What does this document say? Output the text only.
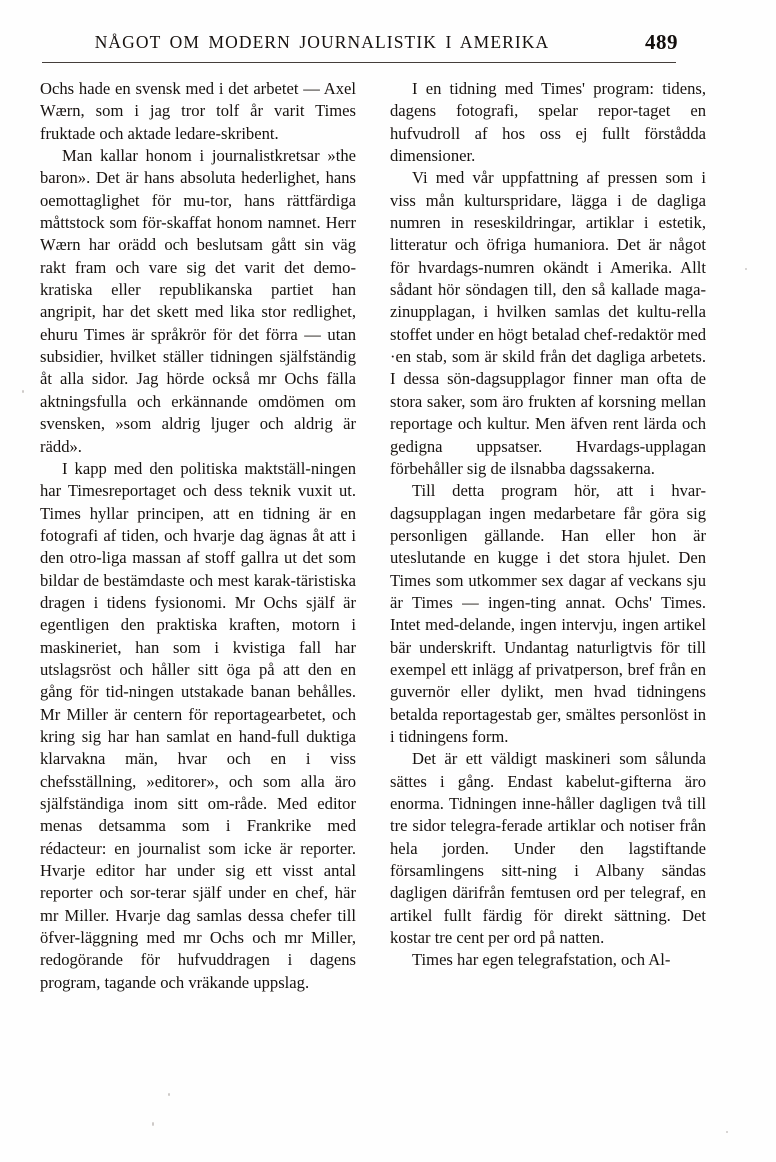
NÅGOT OM MODERN JOURNALISTIK I AMERIKA	489

Ochs hade en svensk med i det arbetet — Axel Wærn, som i jag tror tolf år varit Times fruktade och aktade ledare-skribent.

Man kallar honom i journalistkretsar »the baron». Det är hans absoluta hederlighet, hans oemottaglighet för mu-tor, hans rättfärdiga måttstock som för-skaffat honom namnet. Herr Wærn har orädd och beslutsam gått sin väg rakt fram och vare sig det varit det demo-kratiska eller republikanska partiet han angripit, har det skett med lika stor redlighet, ehuru Times är språkrör för det förra — utan subsidier, hvilket ställer tidningen själfständig åt alla sidor. Jag hörde också mr Ochs fälla aktningsfulla och erkännande omdömen om svensken, »som aldrig ljuger och aldrig är rädd».

I kapp med den politiska maktställ-ningen har Timesreportaget och dess teknik vuxit ut. Times hyllar principen, att en tidning är en fotografi af tiden, och hvarje dag ägnas åt att i den otro-liga massan af stoff gallra ut det som bildar de bestämdaste och mest karak-täristiska dragen i tidens fysionomi. Mr Ochs själf är egentligen den praktiska kraften, motorn i maskineriet, han som i kvistiga fall har utslagsröst och håller sitt öga på att den en gång för tid-ningen utstakade banan behålles. Mr Miller är centern för reportagearbetet, och kring sig har han samlat en hand-full duktiga klarvakna män, hvar och en i viss chefsställning, »editorer», och som alla äro själfständiga inom sitt om-råde. Med editor menas detsamma som i Frankrike med rédacteur: en journalist som icke är reporter. Hvarje editor har under sig ett visst antal reporter och sor-terar själf under en chef, här mr Miller. Hvarje dag samlas dessa chefer till öfver-läggning med mr Ochs och mr Miller, redogörande för hufvuddragen i dagens program, tagande och vräkande uppslag.

I en tidning med Times' program: tidens, dagens fotografi, spelar repor-taget en hufvudroll af hos oss ej fullt förstådda dimensioner.

Vi med vår uppfattning af pressen som i viss mån kulturspridare, lägga i de dagliga numren in reseskildringar, artiklar i estetik, litteratur och öfriga humaniora. Det är något för hvardags-numren okändt i Amerika. Allt sådant hör söndagen till, den så kallade maga-zinupplagan, i hvilken samlas det kultu-rella stoffet under en högt betalad chef-redaktör med ·en stab, som är skild från det dagliga arbetets. I dessa sön-dagsupplagor finner man ofta de stora saker, som äro frukten af korsning mellan reportage och kultur. Men äfven rent lärda och gedigna uppsatser. Hvardags-upplagan förbehåller sig de ilsnabba dagssakerna.

Till detta program hör, att i hvar-dagsupplagan ingen medarbetare får göra sig personligen gällande. Han eller hon är uteslutande en kugge i det stora hjulet. Den Times som utkommer sex dagar af veckans sju är Times — ingen-ting annat. Ochs' Times. Intet med-delande, ingen intervju, ingen artikel bär underskrift. Undantag naturligtvis för till exempel ett inlägg af privatperson, bref från en guvernör eller dylikt, men hvad tidningens betalda reportagestab ger, smältes personlöst in i tidningens form.

Det är ett väldigt maskineri som sålunda sättes i gång. Endast kabelut-gifterna äro enorma. Tidningen inne-håller dagligen två till tre sidor telegra-ferade artiklar och notiser från hela jorden. Under den lagstiftande församlingens sitt-ning i Albany sändas dagligen därifrån femtusen ord per telegraf, en artikel fullt färdig för direkt sättning. Det kostar tre cent per ord på natten.

Times har egen telegrafstation, och Al-
